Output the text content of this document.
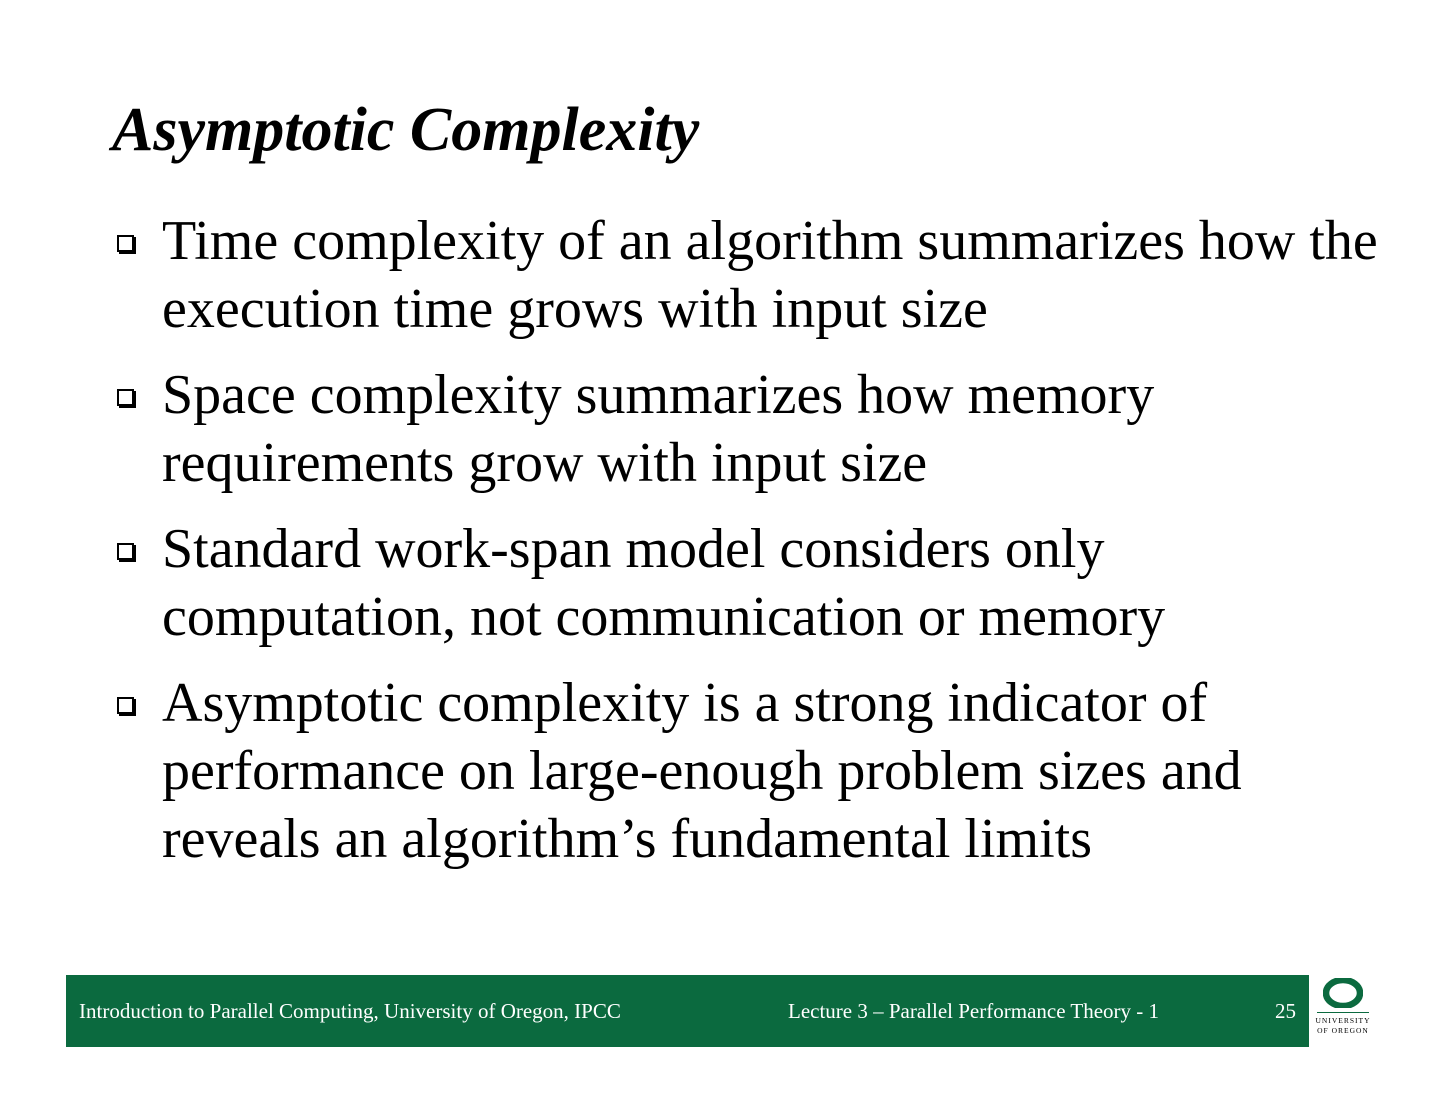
Asymptotic Complexity
Time complexity of an algorithm summarizes how the execution time grows with input size
Space complexity summarizes how memory requirements grow with input size
Standard work-span model considers only computation, not communication or memory
Asymptotic complexity is a strong indicator of performance on large-enough problem sizes and reveals an algorithm’s fundamental limits
Introduction to Parallel Computing, University of Oregon, IPCC	Lecture 3 – Parallel Performance Theory - 1	25	UNIVERSITY
OF OREGON
